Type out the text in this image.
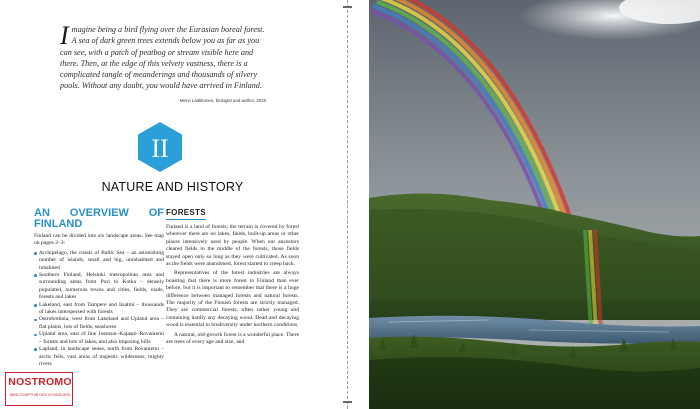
Imagine being a bird flying over the Eurasian boreal forest. A sea of dark green trees extends below you as far as you can see, with a patch of peatbog or stream visible here and there. Then, at the edge of this velvety vastness, there is a complicated tangle of meanderings and thousands of silvery pools. Without any doubt, you would have arrived in Finland.

Mervi Laakkonen, biologist and author, 2018
II
NATURE AND HISTORY
AN OVERVIEW OF FINLAND

Finland can be divided into six landscape areas. See map on pages 2–3:

Archipelago, the coasts of Baltic Sea – an astonishing number of islands, small and big, uninhabited and inhabited
Southern Finland, Helsinki metropolitan area and surrounding areas from Pori to Kotka – densely populated, numerous towns and cities, fields, roads, forests and lakes
Lakeland, east from Tampere and Iisalmi – thousands of lakes interspersed with forests
Ostrobothnia, west from Lakeland and Upland area – flat plains, lots of fields, seashores
Upland area, east of line Joensuu–Kajaani–Rovaniemi – forests and lots of lakes, and also imposing hills
Lapland, in landscape sense, north from Rovaniemi – arctic fells, vast areas of majestic wilderness, mighty rivers
FORESTS

Finland is a land of forests; the terrain is covered by forest wherever there are no lakes, fields, built-up areas or other places intensively used by people. When our ancestors cleared fields in the middle of the forests, those fields stayed open only so long as they were cultivated. As soon as the fields were abandoned, forest started to creep back.

Representatives of the forest industries are always boasting that there is more forest in Finland than ever before, but it is important to remember that there is a huge difference between managed forests and natural forests. The majority of the Finnish forests are strictly managed. They are commercial forests, often rather young and containing hardly any decaying wood. Dead and decaying wood is essential to biodiversity under northern conditions.

A natural, old-growth forest is a wonderful place. There are trees of every age and size, and

NOSTROMO
WEB-COMPTOIR DES VOYAGEURS
